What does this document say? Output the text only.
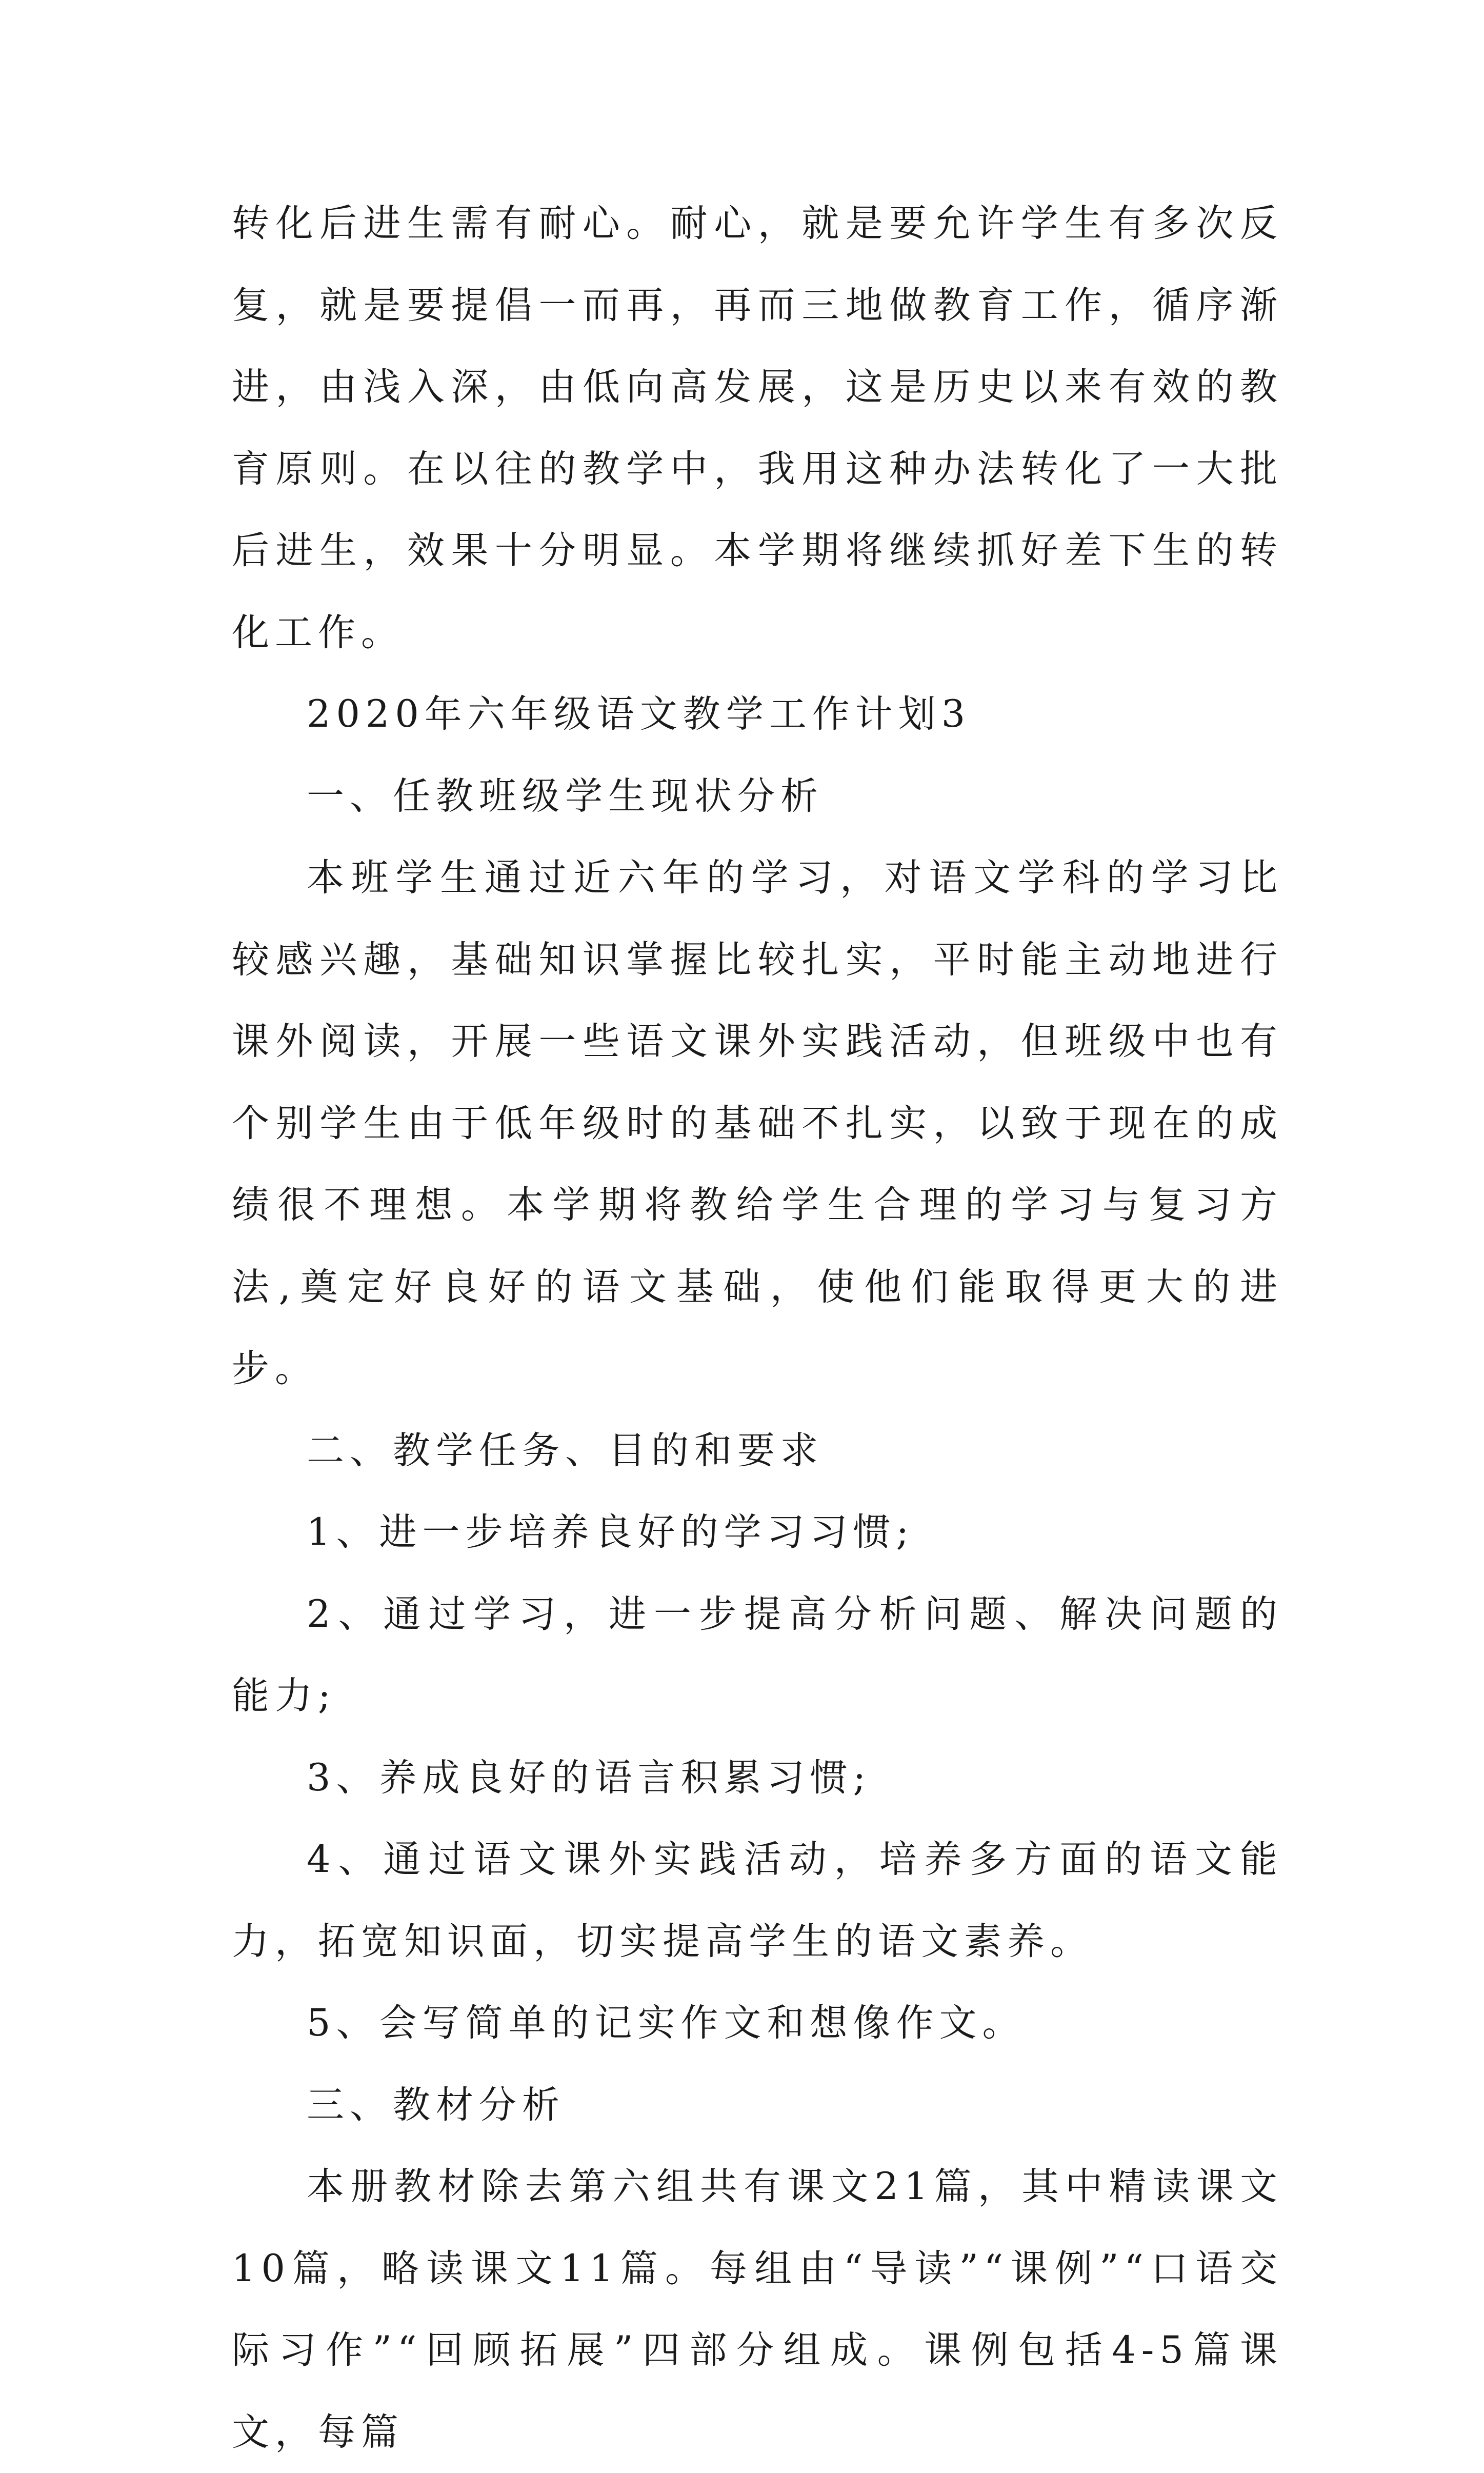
转化后进生需有耐心。耐心，就是要允许学生有多次反复，就是要提倡一而再，再而三地做教育工作，循序渐进，由浅入深，由低向高发展，这是历史以来有效的教育原则。在以往的教学中，我用这种办法转化了一大批后进生，效果十分明显。本学期将继续抓好差下生的转化工作。

2020年六年级语文教学工作计划3

一、任教班级学生现状分析

本班学生通过近六年的学习，对语文学科的学习比较感兴趣，基础知识掌握比较扎实，平时能主动地进行课外阅读，开展一些语文课外实践活动，但班级中也有个别学生由于低年级时的基础不扎实，以致于现在的成绩很不理想。本学期将教给学生合理的学习与复习方法,奠定好良好的语文基础，使他们能取得更大的进步。

二、教学任务、目的和要求

1、进一步培养良好的学习习惯;

2、通过学习，进一步提高分析问题、解决问题的能力;

3、养成良好的语言积累习惯;

4、通过语文课外实践活动，培养多方面的语文能力，拓宽知识面，切实提高学生的语文素养。

5、会写简单的记实作文和想像作文。

三、教材分析

本册教材除去第六组共有课文21篇，其中精读课文10篇，略读课文11篇。每组由“导读”“课例”“口语交际习作”“回顾拓展”四部分组成。课例包括4-5篇课文，每篇
